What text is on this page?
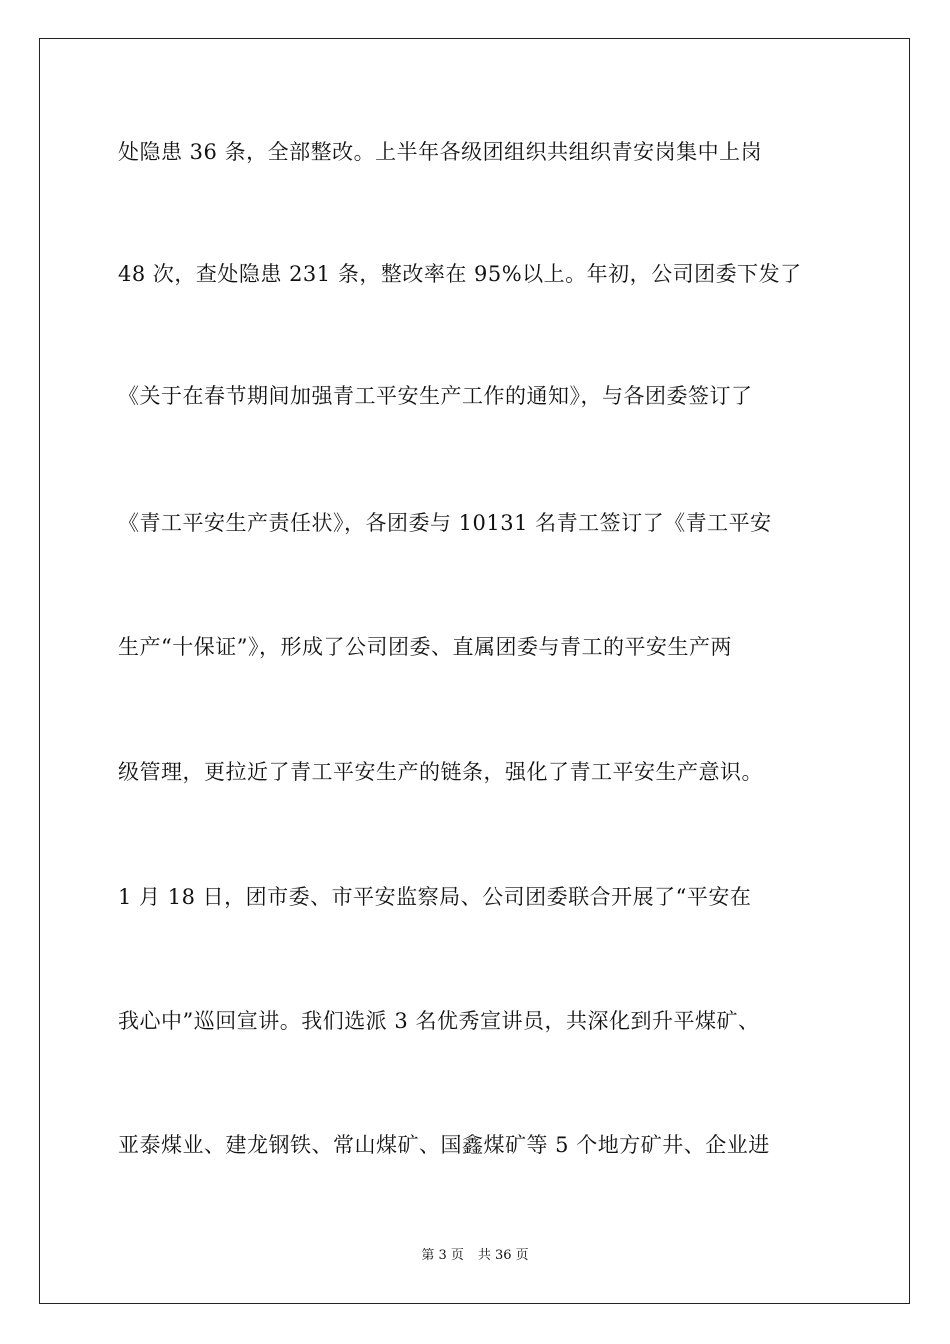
处隐患 36 条，全部整改。上半年各级团组织共组织青安岗集中上岗
48 次，查处隐患 231 条，整改率在 95%以上。年初，公司团委下发了
《关于在春节期间加强青工平安生产工作的通知》，与各团委签订了
《青工平安生产责任状》，各团委与 10131 名青工签订了《青工平安
生产“十保证”》，形成了公司团委、直属团委与青工的平安生产两
级管理，更拉近了青工平安生产的链条，强化了青工平安生产意识。
1 月 18 日，团市委、市平安监察局、公司团委联合开展了“平安在
我心中”巡回宣讲。我们选派 3 名优秀宣讲员，共深化到升平煤矿、
亚泰煤业、建龙钢铁、常山煤矿、国鑫煤矿等 5 个地方矿井、企业进
第 3 页 共 36 页
